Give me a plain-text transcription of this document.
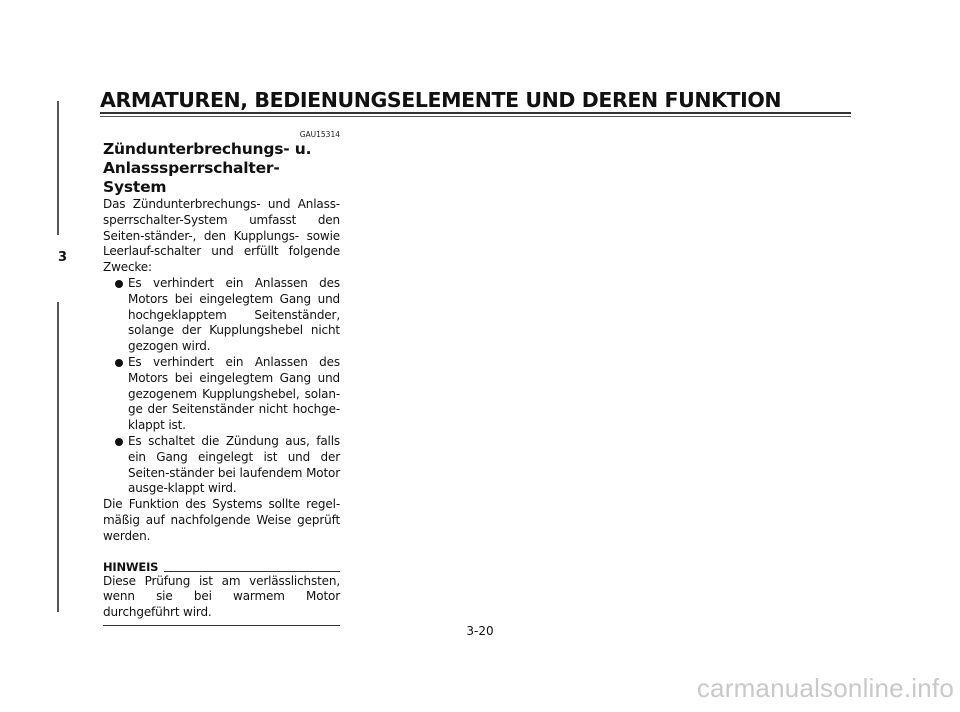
ARMATUREN, BEDIENUNGSELEMENTE UND DEREN FUNKTION
3

GAU15314

Zündunterbrechungs- u.
Anlasssperrschalter-System

Das Zündunterbrechungs- und Anlass-sperrschalter-System umfasst den Seiten-ständer-, den Kupplungs- sowie Leerlauf-schalter und erfüllt folgende Zwecke:

Es verhindert ein Anlassen des Motors bei eingelegtem Gang und hochgeklapptem Seitenständer, solange der Kupplungshebel nicht gezogen wird.
Es verhindert ein Anlassen des Motors bei eingelegtem Gang und gezogenem Kupplungshebel, solan-ge der Seitenständer nicht hochge-klappt ist.
Es schaltet die Zündung aus, falls ein Gang eingelegt ist und der Seiten-ständer bei laufendem Motor ausge-klappt wird.

Die Funktion des Systems sollte regel-mäßig auf nachfolgende Weise geprüft werden.

HINWEIS

Diese Prüfung ist am verlässlichsten, wenn sie bei warmem Motor durchgeführt wird.

3-20
carmanualsonline.info
